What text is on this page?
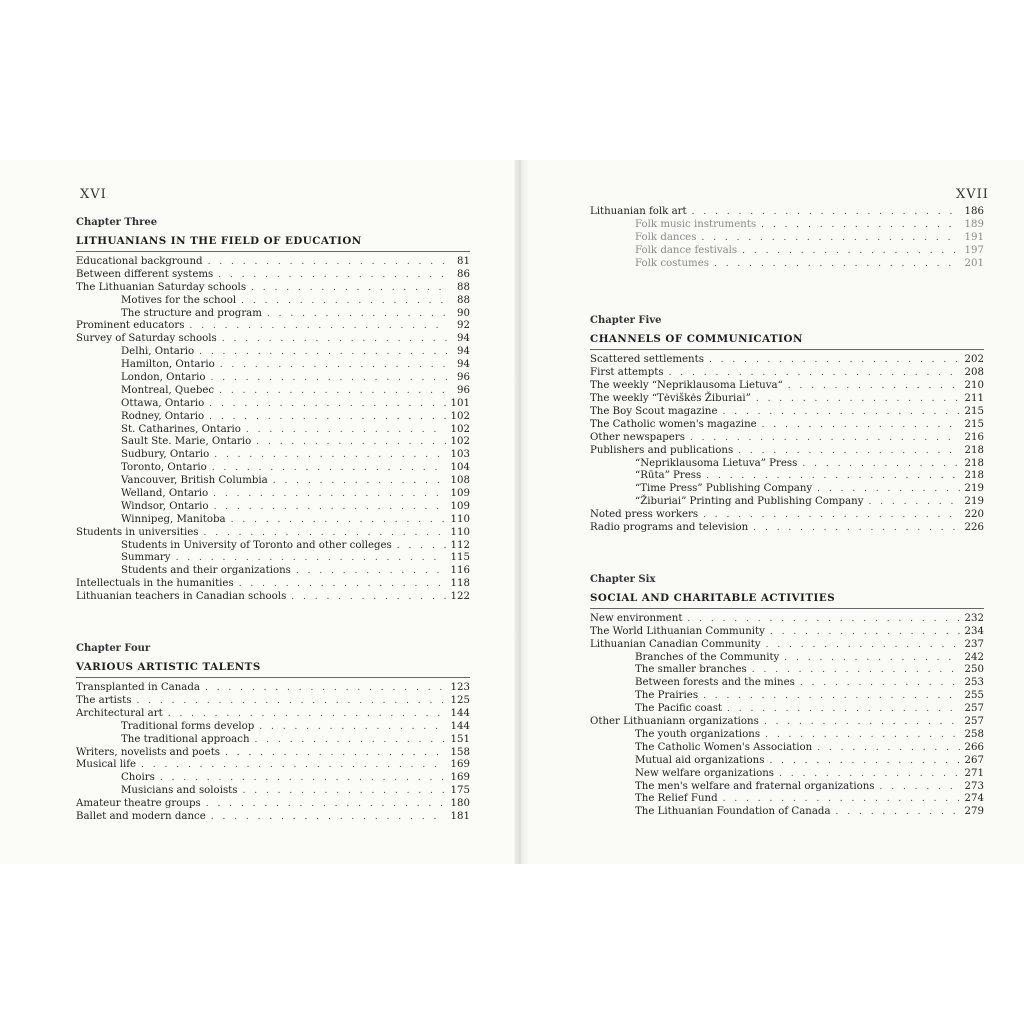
XVI	XVII
Chapter Three
LITHUANIANS IN THE FIELD OF EDUCATION
Educational background . . .	81
Between different systems . . .	86
The Lithuanian Saturday schools . . .	88
Motives for the school . . .	88
The structure and program . . .	90
Prominent educators . . .	92
Survey of Saturday schools . . .	94
Delhi, Ontario . . .	94
Hamilton, Ontario . . .	94
London, Ontario . . .	96
Montreal, Quebec . . .	96
Ottawa, Ontario . . .	101
Rodney, Ontario . . .	102
St. Catharines, Ontario . . .	102
Sault Ste. Marie, Ontario . . .	102
Sudbury, Ontario . . .	103
Toronto, Ontario . . .	104
Vancouver, British Columbia . . .	108
Welland, Ontario . . .	109
Windsor, Ontario . . .	109
Winnipeg, Manitoba . . .	110
Students in universities . . .	110
Students in University of Toronto and other colleges . . .	112
Summary . . .	115
Students and their organizations . . .	116
Intellectuals in the humanities . . .	118
Lithuanian teachers in Canadian schools . . .	122
Chapter Four
VARIOUS ARTISTIC TALENTS
Transplanted in Canada . . .	123
The artists . . .	125
Architectural art . . .	144
Traditional forms develop . . .	144
The traditional approach . . .	151
Writers, novelists and poets . . .	158
Musical life . . .	169
Choirs . . .	169
Musicians and soloists . . .	175
Amateur theatre groups . . .	180
Ballet and modern dance . . .	181
Lithuanian folk art . . .	186
Folk music instruments . . .	189
Folk dances . . .	191
Folk dance festivals . . .	197
Folk costumes . . .	201
Chapter Five
CHANNELS OF COMMUNICATION
Scattered settlements . . .	202
First attempts . . .	208
The weekly “Nepriklausoma Lietuva“ . . .	210
The weekly “Tėviškės Žiburiai” . . .	211
The Boy Scout magazine . . .	215
The Catholic women's magazine . . .	215
Other newspapers . . .	216
Publishers and publications . . .	218
“Nepriklausoma Lietuva” Press . . .	218
“Rūta” Press . . .	218
“Time Press” Publishing Company . . .	219
“Žiburiai” Printing and Publishing Company . . .	219
Noted press workers . . .	220
Radio programs and television . . .	226
Chapter Six
SOCIAL AND CHARITABLE ACTIVITIES
New environment . . .	232
The World Lithuanian Community . . .	234
Lithuanian Canadian Community . . .	237
Branches of the Community . . .	242
The smaller branches . . .	250
Between forests and the mines . . .	253
The Prairies . . .	255
The Pacific coast . . .	257
Other Lithuaniann organizations . . .	257
The youth organizations . . .	258
The Catholic Women's Association . . .	266
Mutual aid organizations . . .	267
New welfare organizations . . .	271
The men's welfare and fraternal organizations . . .	273
The Relief Fund . . .	274
The Lithuanian Foundation of Canada . . .	279
